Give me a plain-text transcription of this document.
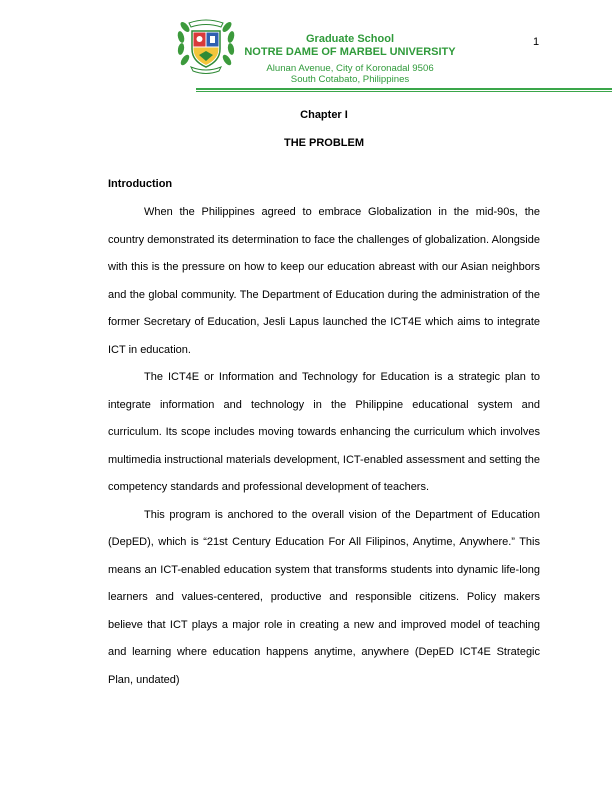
Graduate School
NOTRE DAME OF MARBEL UNIVERSITY
Alunan Avenue, City of Koronadal 9506
South Cotabato, Philippines
1
Chapter I
THE PROBLEM
Introduction

When the Philippines agreed to embrace Globalization in the mid-90s, the country demonstrated its determination to face the challenges of globalization. Alongside with this is the pressure on how to keep our education abreast with our Asian neighbors and the global community. The Department of Education during the administration of the former Secretary of Education, Jesli Lapus launched the ICT4E which aims to integrate ICT in education.

The ICT4E or Information and Technology for Education is a strategic plan to integrate information and technology in the Philippine educational system and curriculum. Its scope includes moving towards enhancing the curriculum which involves multimedia instructional materials development, ICT-enabled assessment and setting the competency standards and professional development of teachers.

This program is anchored to the overall vision of the Department of Education (DepED), which is “21st Century Education For All Filipinos, Anytime, Anywhere.” This means an ICT-enabled education system that transforms students into dynamic life-long learners and values-centered, productive and responsible citizens. Policy makers believe that ICT plays a major role in creating a new and improved model of teaching and learning where education happens anytime, anywhere (DepED ICT4E Strategic Plan, undated)
